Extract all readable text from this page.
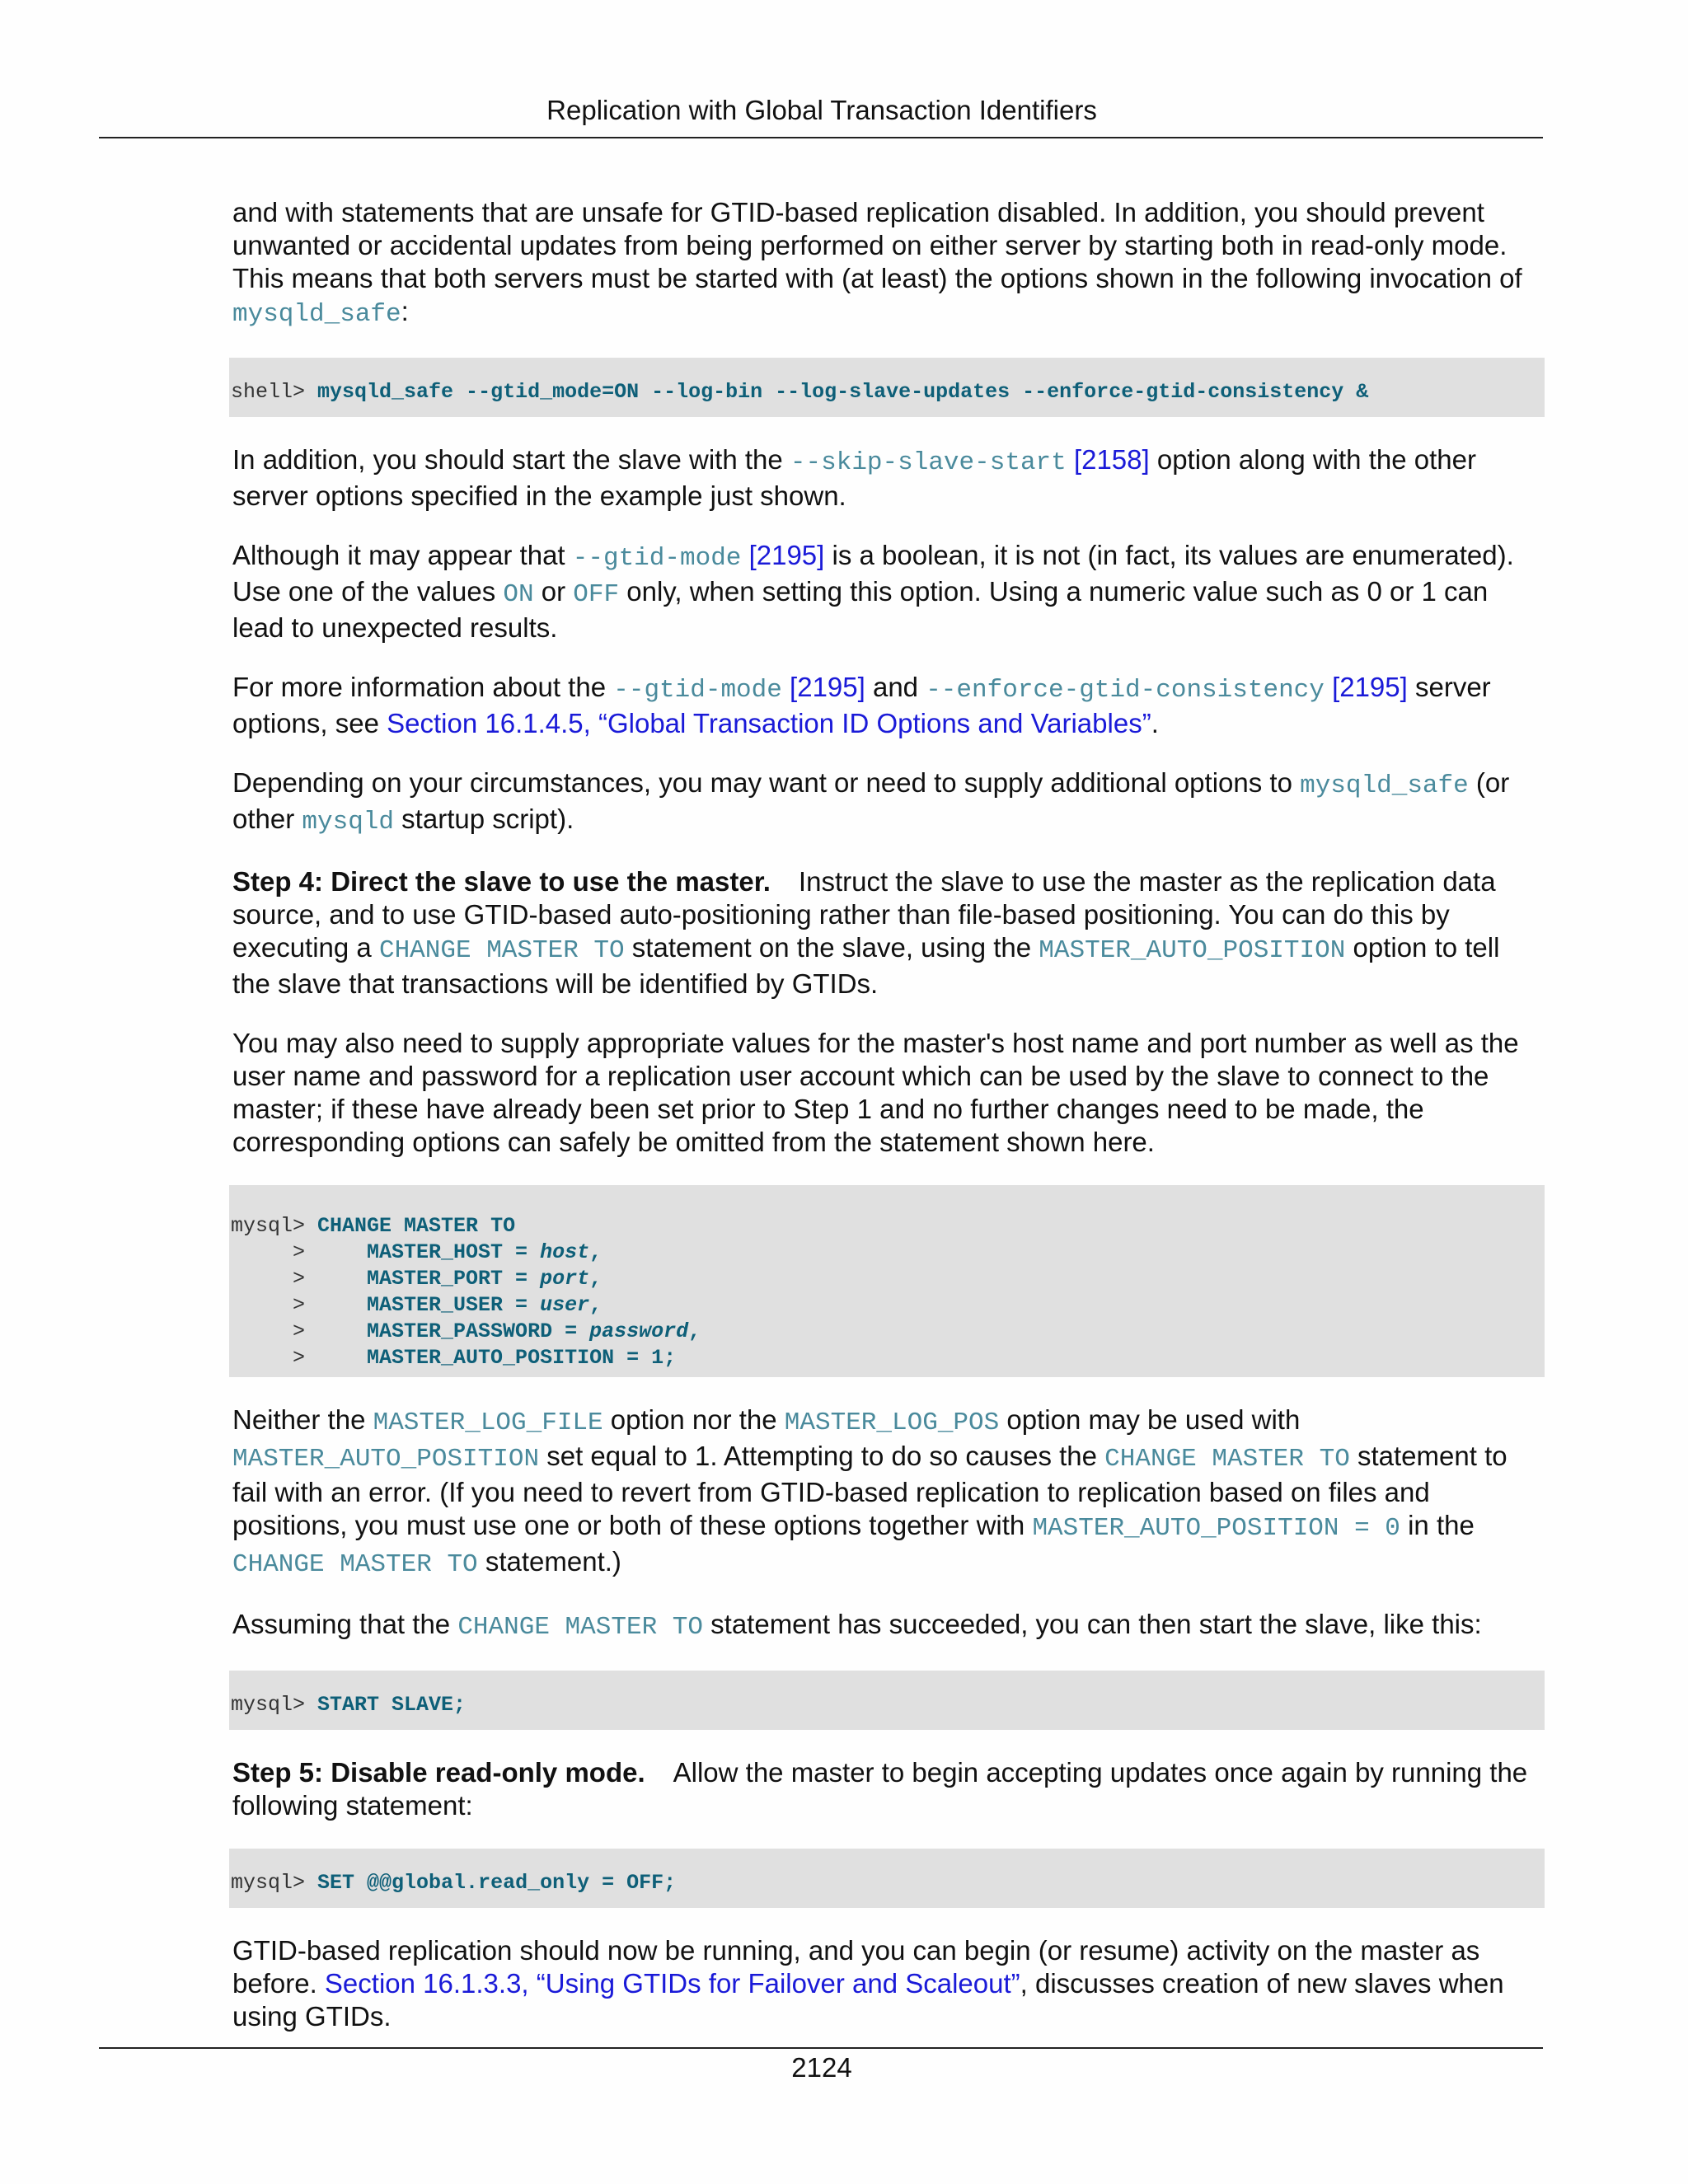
Replication with Global Transaction Identifiers

and with statements that are unsafe for GTID-based replication disabled. In addition, you should prevent unwanted or accidental updates from being performed on either server by starting both in read-only mode. This means that both servers must be started with (at least) the options shown in the following invocation of mysqld_safe:

shell> mysqld_safe --gtid_mode=ON --log-bin --log-slave-updates --enforce-gtid-consistency &

In addition, you should start the slave with the --skip-slave-start [2158] option along with the other server options specified in the example just shown.

Although it may appear that --gtid-mode [2195] is a boolean, it is not (in fact, its values are enumerated). Use one of the values ON or OFF only, when setting this option. Using a numeric value such as 0 or 1 can lead to unexpected results.

For more information about the --gtid-mode [2195] and --enforce-gtid-consistency [2195] server options, see Section 16.1.4.5, “Global Transaction ID Options and Variables”.

Depending on your circumstances, you may want or need to supply additional options to mysqld_safe (or other mysqld startup script).

Step 4: Direct the slave to use the master. Instruct the slave to use the master as the replication data source, and to use GTID-based auto-positioning rather than file-based positioning. You can do this by executing a CHANGE MASTER TO statement on the slave, using the MASTER_AUTO_POSITION option to tell the slave that transactions will be identified by GTIDs.

You may also need to supply appropriate values for the master's host name and port number as well as the user name and password for a replication user account which can be used by the slave to connect to the master; if these have already been set prior to Step 1 and no further changes need to be made, the corresponding options can safely be omitted from the statement shown here.

mysql> CHANGE MASTER TO
>     MASTER_HOST = host,
>     MASTER_PORT = port,
>     MASTER_USER = user,
>     MASTER_PASSWORD = password,
>     MASTER_AUTO_POSITION = 1;

Neither the MASTER_LOG_FILE option nor the MASTER_LOG_POS option may be used with MASTER_AUTO_POSITION set equal to 1. Attempting to do so causes the CHANGE MASTER TO statement to fail with an error. (If you need to revert from GTID-based replication to replication based on files and positions, you must use one or both of these options together with MASTER_AUTO_POSITION = 0 in the CHANGE MASTER TO statement.)

Assuming that the CHANGE MASTER TO statement has succeeded, you can then start the slave, like this:

mysql> START SLAVE;

Step 5: Disable read-only mode. Allow the master to begin accepting updates once again by running the following statement:

mysql> SET @@global.read_only = OFF;

GTID-based replication should now be running, and you can begin (or resume) activity on the master as before. Section 16.1.3.3, “Using GTIDs for Failover and Scaleout”, discusses creation of new slaves when using GTIDs.

2124
